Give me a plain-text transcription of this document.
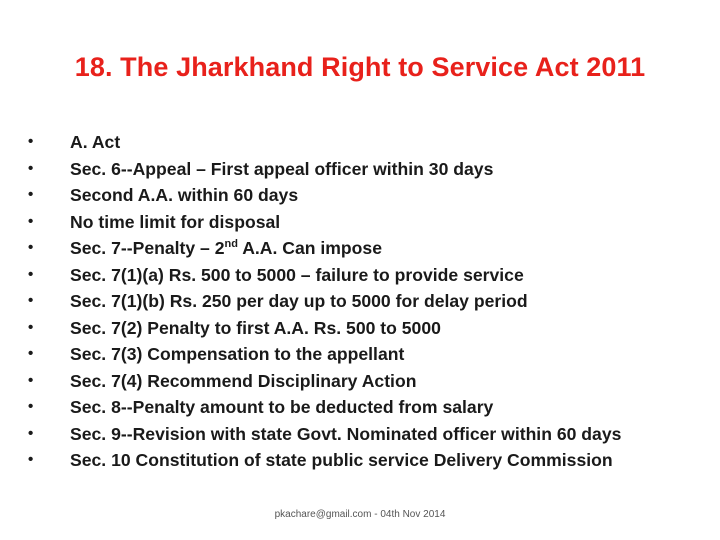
18. The Jharkhand Right to Service Act 2011
• A. Act
• Sec. 6--Appeal – First appeal officer within 30 days
• Second A.A. within 60 days
• No time limit for disposal
• Sec. 7--Penalty – 2nd A.A. Can impose
• Sec. 7(1)(a) Rs. 500 to 5000 – failure to provide service
• Sec. 7(1)(b) Rs. 250 per day up to 5000 for delay period
• Sec. 7(2) Penalty to first A.A. Rs. 500 to 5000
• Sec. 7(3) Compensation to the appellant
• Sec. 7(4) Recommend Disciplinary Action
• Sec. 8--Penalty amount to be deducted from salary
• Sec. 9--Revision with state Govt. Nominated officer within 60 days
• Sec. 10 Constitution of state public service Delivery Commission
pkachare@gmail.com - 04th Nov 2014
